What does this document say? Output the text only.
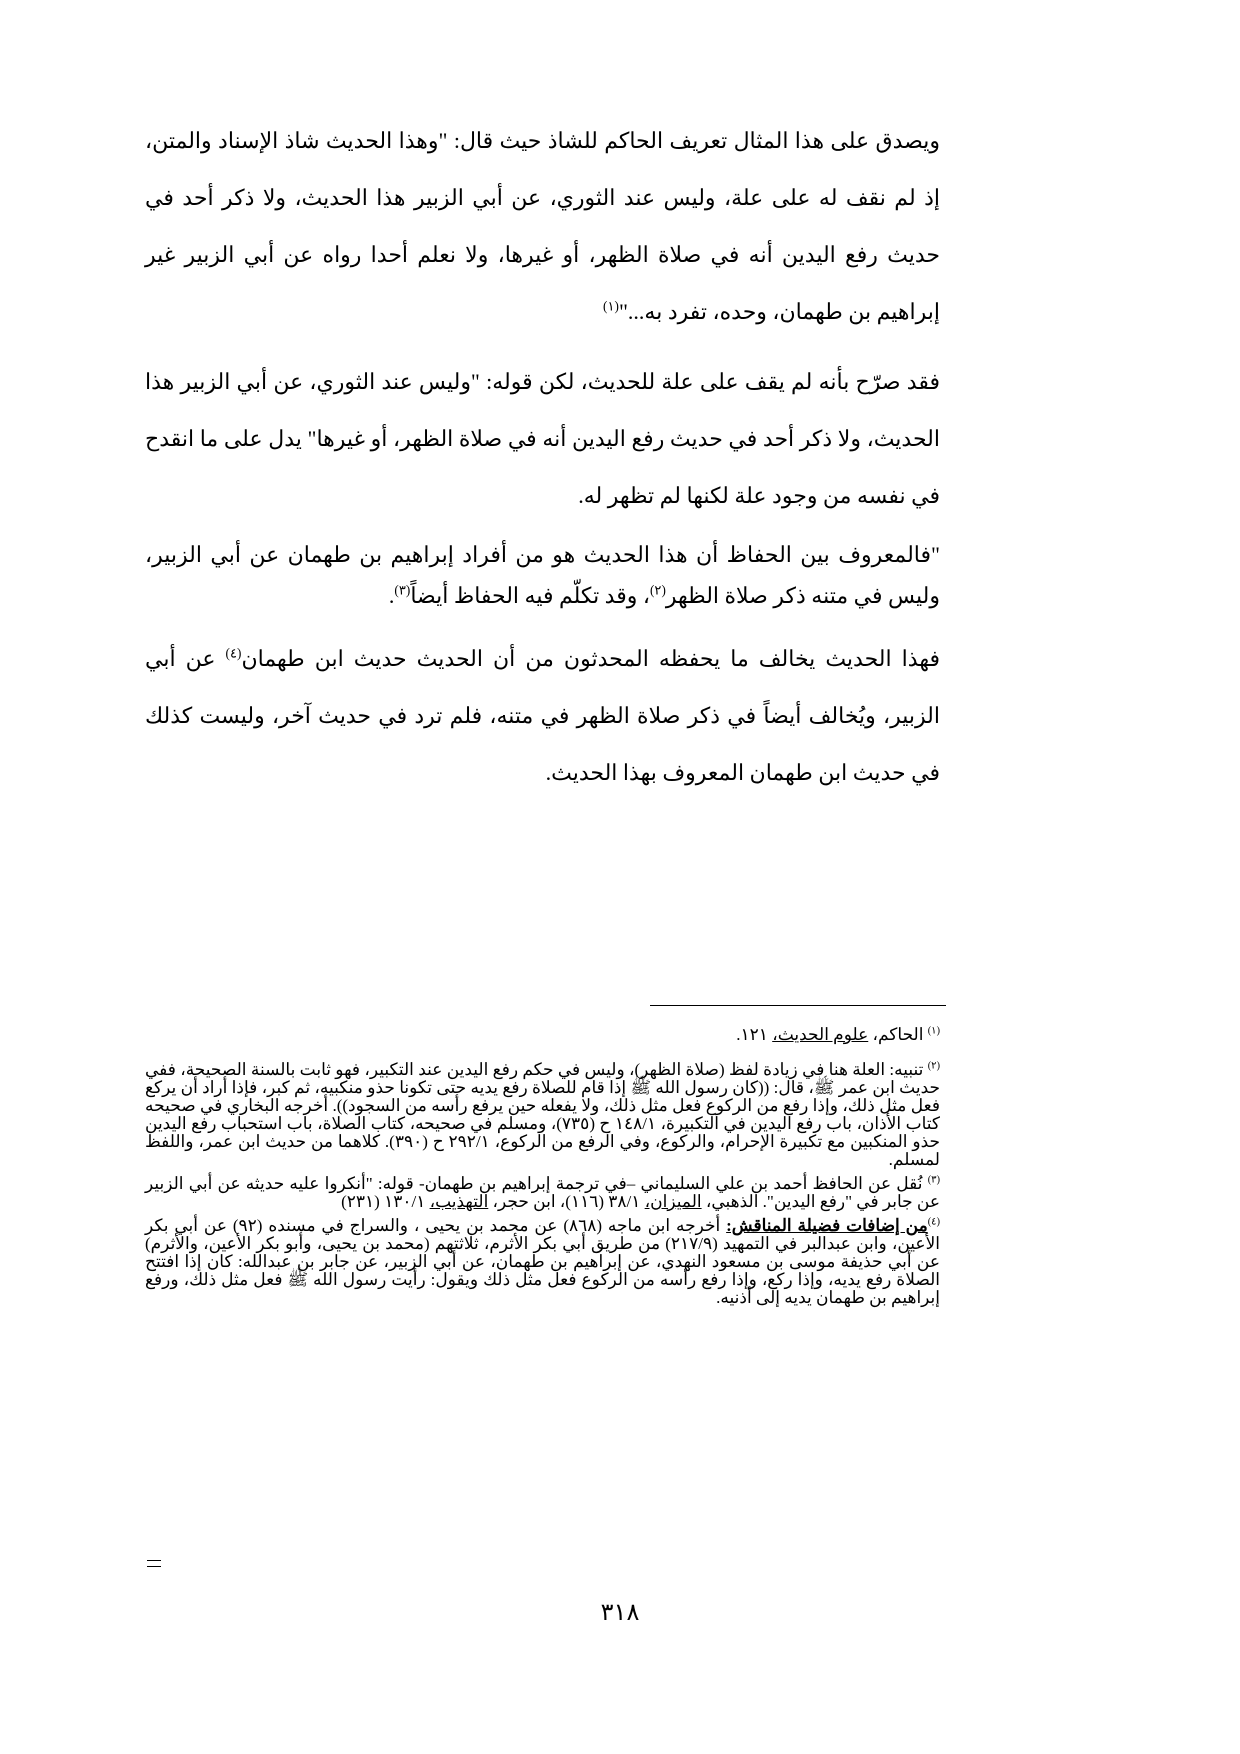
ويصدق على هذا المثال تعريف الحاكم للشاذ حيث قال: "وهذا الحديث شاذ الإسناد والمتن، إذ لم نقف له على علة، وليس عند الثوري، عن أبي الزبير هذا الحديث، ولا ذكر أحد في حديث رفع اليدين أنه في صلاة الظهر، أو غيرها، ولا نعلم أحدا رواه عن أبي الزبير غير إبراهيم بن طهمان، وحده، تفرد به..."$^{(١)}$

فقد صرّح بأنه لم يقف على علة للحديث، لكن قوله: "وليس عند الثوري، عن أبي الزبير هذا الحديث، ولا ذكر أحد في حديث رفع اليدين أنه في صلاة الظهر، أو غيرها" يدل على ما انقدح في نفسه من وجود علة لكنها لم تظهر له.

"فالمعروف بين الحفاظ أن هذا الحديث هو من أفراد إبراهيم بن طهمان عن أبي الزبير، وليس في متنه ذكر صلاة الظهر$^{(٢)}$، وقد تكلّم فيه الحفاظ أيضاً$^{(٣)}$.

فهذا الحديث يخالف ما يحفظه المحدثون من أن الحديث حديث ابن طهمان$^{(٤)}$ عن أبي الزبير، ويُخالف أيضاً في ذكر صلاة الظهر في متنه، فلم ترد في حديث آخر، وليست كذلك في حديث ابن طهمان المعروف بهذا الحديث.

$^{(١)}$ الحاكم، علوم الحديث، ١٢١.

$^{(٢)}$ تنبيه: العلة هنا في زيادة لفظ (صلاة الظهر)، وليس في حكم رفع اليدين عند التكبير، فهو ثابت بالسنة الصحيحة، ففي حديث ابن عمر ﷺ، قال: ((كان رسول الله ﷺ إذا قام للصلاة رفع يديه حتى تكونا حذو منكبيه، ثم كبر، فإذا أراد أن يركع فعل مثل ذلك، وإذا رفع من الركوع فعل مثل ذلك، ولا يفعله حين يرفع رأسه من السجود)). أخرجه البخاري في صحيحه كتاب الأذان، باب رفع اليدين في التكبيرة، ١٤٨/١ ح (٧٣٥)، ومسلم في صحيحه، كتاب الصلاة، باب استحباب رفع اليدين حذو المنكبين مع تكبيرة الإحرام، والركوع، وفي الرفع من الركوع، ٢٩٢/١ ح (٣٩٠). كلاهما من حديث ابن عمر، واللفظ لمسلم.

$^{(٣)}$ نُقل عن الحافظ أحمد بن علي السليماني –في ترجمة إبراهيم بن طهمان- قوله: "أنكروا عليه حديثه عن أبي الزبير عن جابر في "رفع اليدين". الذهبي، الميزان، ٣٨/١ (١١٦)، ابن حجر، التهذيب، ١٣٠/١ (٢٣١)

$^{(٤)}$من إضافات فضيلة المناقش: أخرجه ابن ماجه (٨٦٨) عن محمد بن يحيى ، والسراج في مسنده (٩٢) عن أبي بكر الأعين، وابن عبدالبر في التمهيد (٢١٧/٩) من طريق أبي بكر الأثرم، ثلاثتهم (محمد بن يحيى، وأبو بكر الأعين، والأثرم) عن أبي حذيفة موسى بن مسعود النهدي، عن إبراهيم بن طهمان، عن أبي الزبير، عن جابر بن عبدالله: كان إذا افتتح الصلاة رفع يديه، وإذا ركع، وإذا رفع رأسه من الركوع فعل مثل ذلك ويقول: رأيت رسول الله ﷺ فعل مثل ذلك، ورفع إبراهيم بن طهمان يديه إلى أذنيه.

٣١٨
